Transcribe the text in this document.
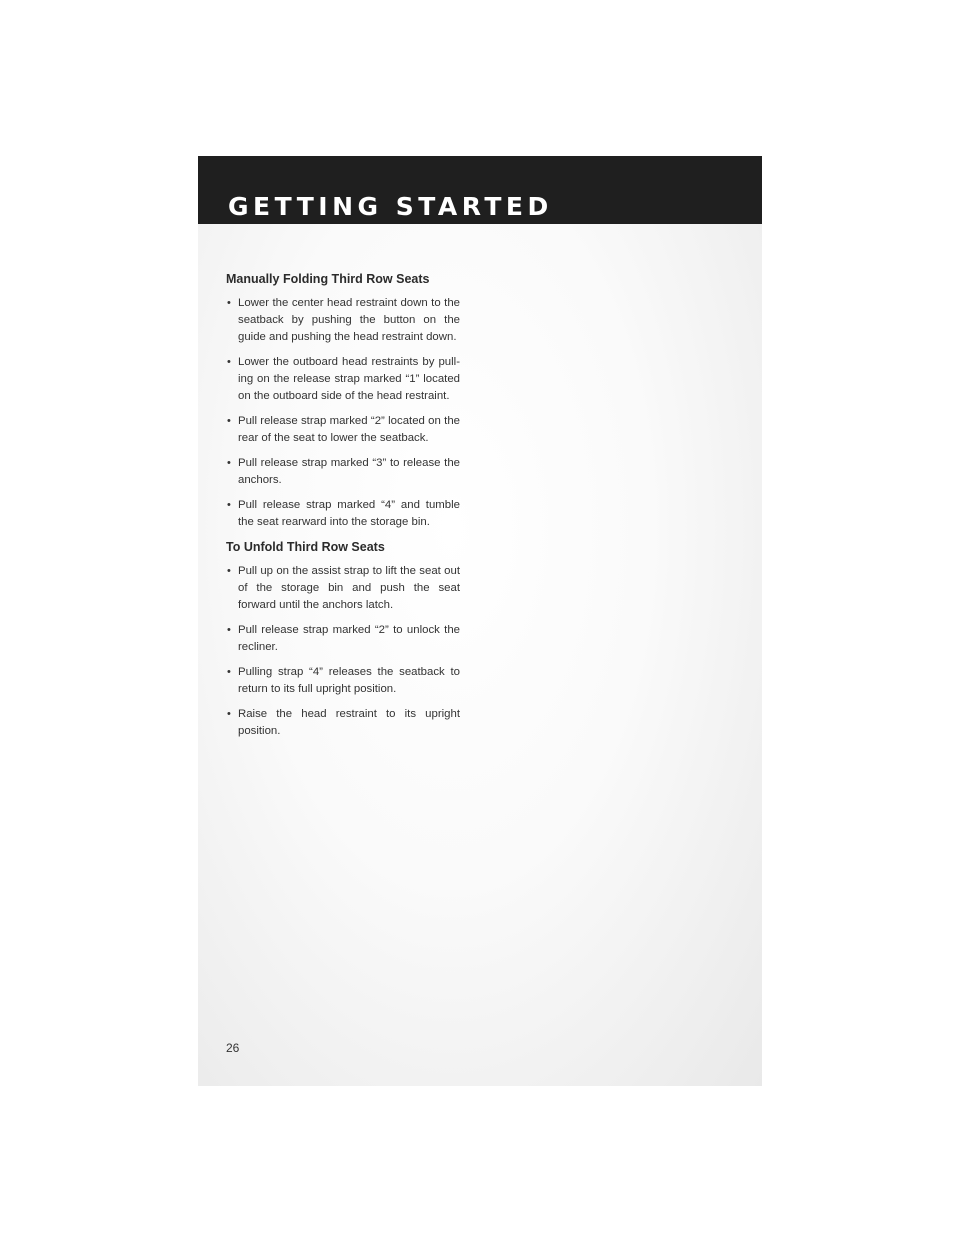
GETTING STARTED
Manually Folding Third Row Seats
• Lower the center head restraint down to the seatback by pushing the button on the guide and pushing the head restraint down.
• Lower the outboard head restraints by pull-ing on the release strap marked “1” located on the outboard side of the head restraint.
• Pull release strap marked “2” located on the rear of the seat to lower the seatback.
• Pull release strap marked “3” to release the anchors.
• Pull release strap marked “4” and tumble the seat rearward into the storage bin.
To Unfold Third Row Seats
• Pull up on the assist strap to lift the seat out of the storage bin and push the seat forward until the anchors latch.
• Pull release strap marked “2” to unlock the recliner.
• Pulling strap “4” releases the seatback to return to its full upright position.
• Raise the head restraint to its upright position.
26
